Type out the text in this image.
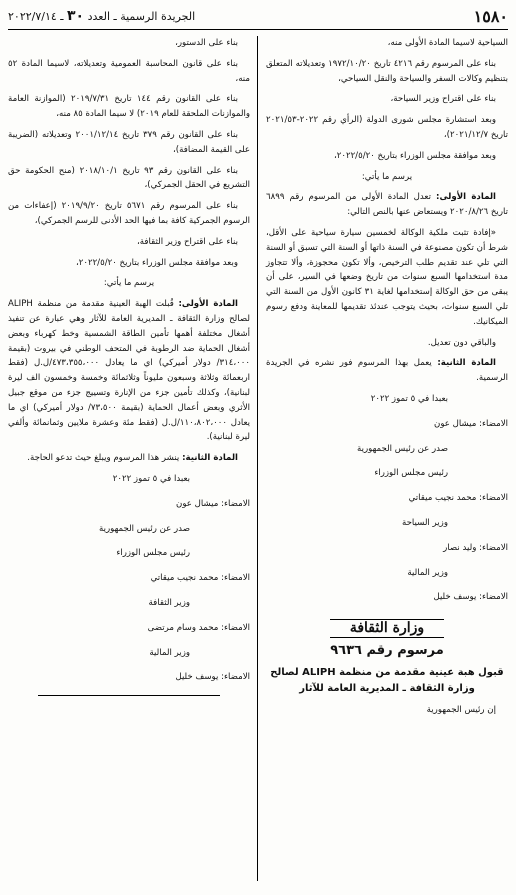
١٥٨٠
الجريدة الرسمية ـ العدد ٣٠ ـ ٢٠٢٢/٧/١٤

السياحية لاسيما المادة الأولى منه،

بناء على المرسوم رقم ٤٢١٦ تاريخ ١٩٧٢/١٠/٢٠ وتعديلاته المتعلق بتنظيم وكالات السفر والسياحة والنقل السياحي،

بناء على اقتراح وزير السياحة،

وبعد استشارة مجلس شورى الدولة (الرأي رقم ٢٠٢٢-٢٠٢١/٥٣ تاريخ ٢٠٢١/١٢/٧)،

وبعد موافقة مجلس الوزراء بتاريخ ٢٠٢٢/٥/٢٠،

يرسم ما يأتي:

المادة الأولى: تعدل المادة الأولى من المرسوم رقم ٦٨٩٩ تاريخ ٢٠٢٠/٨/٢٦ ويستعاض عنها بالنص التالي:

«إفادة تثبت ملكية الوكالة لخمسين سيارة سياحية على الأقل، شرط أن تكون مصنوعة في السنة ذاتها أو السنة التي تسبق أو السنة التي تلي عند تقديم طلب الترخيص، وألا تكون محجوزة، وألا تتجاوز مدة استخدامها السبع سنوات من تاريخ وضعها في السير، على أن يبقى من حق الوكالة إستخدامها لغاية ٣١ كانون الأول من السنة التي تلي السبع سنوات، بحيث يتوجب عندئذ تقديمها للمعاينة ودفع رسوم الميكانيك.

والباقي دون تعديل.

المادة الثانية: يعمل بهذا المرسوم فور نشره في الجريدة الرسمية.

بعبدا في ٥ تموز ٢٠٢٢

الامضاء: ميشال عون

صدر عن رئيس الجمهورية

رئيس مجلس الوزراء

الامضاء: محمد نجيب ميقاتي

وزير السياحة

الامضاء: وليد نصار

وزير المالية

الامضاء: يوسف خليل

وزارة الثقافة
مرسوم رقم ٩٦٣٦

قبول هبة عينية مقدمة من منظمة ALIPH لصالح وزارة الثقافة ـ المديرية العامة للآثار

إن رئيس الجمهورية

بناء على الدستور،

بناء على قانون المحاسبة العمومية وتعديلاته، لاسيما المادة ٥٢ منه،

بناء على القانون رقم ١٤٤ تاريخ ٢٠١٩/٧/٣١ (الموازنة العامة والموازنات الملحقة للعام ٢٠١٩) لا سيما المادة ٨٥ منه،

بناء على القانون رقم ٣٧٩ تاريخ ٢٠٠١/١٢/١٤ وتعديلاته (الضريبة على القيمة المضافة)،

بناء على القانون رقم ٩٣ تاريخ ٢٠١٨/١٠/١ (منح الحكومة حق التشريع في الحقل الجمركي)،

بناء على المرسوم رقم ٥٦٧١ تاريخ ٢٠١٩/٩/٢٠ (إعفاءات من الرسوم الجمركية كافة بما فيها الحد الأدنى للرسم الجمركي)،

بناء على اقتراح وزير الثقافة،

وبعد موافقة مجلس الوزراء بتاريخ ٢٠٢٢/٥/٢٠،

يرسم ما يأتي:

المادة الأولى: قُبلت الهبة العينية مقدمة من منظمة ALIPH لصالح وزارة الثقافة ـ المديرية العامة للآثار وهي عبارة عن تنفيذ أشغال مختلفة أهمها تأمين الطاقة الشمسية وخط كهرباء وبعض أشغال الحماية ضد الرطوبة في المتحف الوطني في بيروت (بقيمة ٣١٤،٠٠٠/ دولار أميركي) اي ما يعادل ٤٧٣،٣٥٥،٠٠٠/ل.ل (فقط اربعمائة وثلاثة وسبعون مليوناً وثلاثمائة وخمسة وخمسون الف ليرة لبنانية)، وكذلك تأمين جزء من الإنارة وتسييج جزء من موقع جبيل الأثري وبعض أعمال الحماية (بقيمة ٧٣،٥٠٠/ دولار أميركي) اي ما يعادل ١١٠،٨٠٢،٠٠٠/ل.ل (فقط مئة وعشرة ملايين وثمانمائة وألفي ليرة لبنانية).

المادة الثانية: ينشر هذا المرسوم ويبلغ حيث تدعو الحاجة.

بعبدا في ٥ تموز ٢٠٢٢

الامضاء: ميشال عون

صدر عن رئيس الجمهورية

رئيس مجلس الوزراء

الامضاء: محمد نجيب ميقاتي

وزير الثقافة

الامضاء: محمد وسام مرتضى

وزير المالية

الامضاء: يوسف خليل
